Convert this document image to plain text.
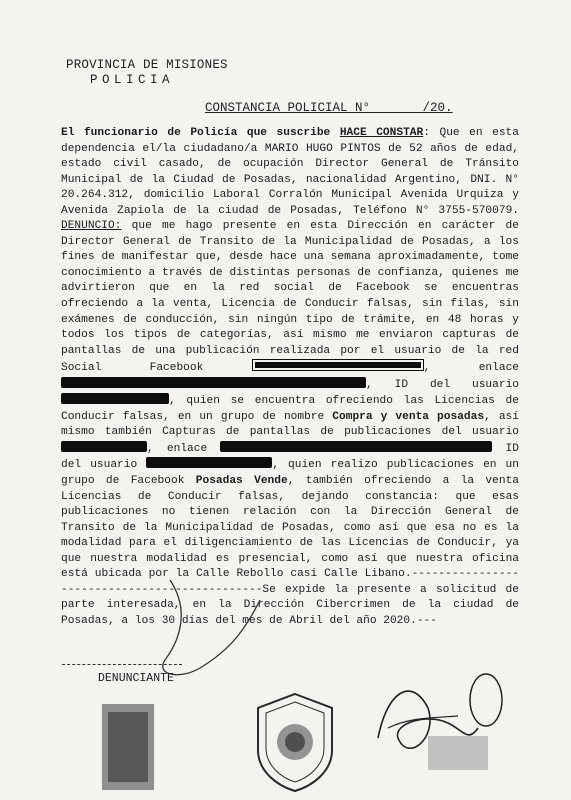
PROVINCIA DE MISIONES
POLICIA
CONSTANCIA POLICIAL N°       /20.
El funcionario de Policía que suscribe HACE CONSTAR: Que en esta dependencia el/la ciudadano/a MARIO HUGO PINTOS de 52 años de edad, estado civil casado, de ocupación Director General de Tránsito Municipal de la Ciudad de Posadas, nacionalidad Argentino, DNI. N° 20.264.312, domicilio Laboral Corralón Municipal Avenida Urquiza y Avenida Zapiola de la ciudad de Posadas, Teléfono N° 3755-570079. DENUNCIO: que me hago presente en esta Dirección en carácter de Director General de Transito de la Municipalidad de Posadas, a los fines de manifestar que, desde hace una semana aproximadamente, tome conocimiento a través de distintas personas de confianza, quienes me advirtieron que en la red social de Facebook se encuentras ofreciendo a la venta, Licencia de Conducir falsas, sin filas, sin exámenes de conducción, sin ningún tipo de trámite, en 48 horas y todos los tipos de categorías, así mismo me enviaron capturas de pantallas de una publicación realizada por el usuario de la red Social Facebook	, enlace , ID del usuario , quien se encuentra ofreciendo las Licencias de Conducir falsas, en un grupo de nombre Compra y venta posadas, así mismo también Capturas de pantallas de publicaciones del usuario , enlace	ID del usuario	, quien realizo publicaciones en un grupo de Facebook Posadas Vende, también ofreciendo a la venta Licencias de Conducir falsas, dejando constancia: que esas publicaciones no tienen relación con la Dirección General de Transito de la Municipalidad de Posadas, como así que esa no es la modalidad para el diligenciamiento de las Licencias de Conducir, ya que nuestra modalidad es presencial, como así que nuestra oficina está ubicada por la Calle Rebollo casi Calle Libano.----------------------------------------------Se expide la presente a solicitud de parte interesada, en la Dirección Cibercrimen de la ciudad de Posadas, a los 30 días del mes de Abril del año 2020.---
DENUNCIANTE
